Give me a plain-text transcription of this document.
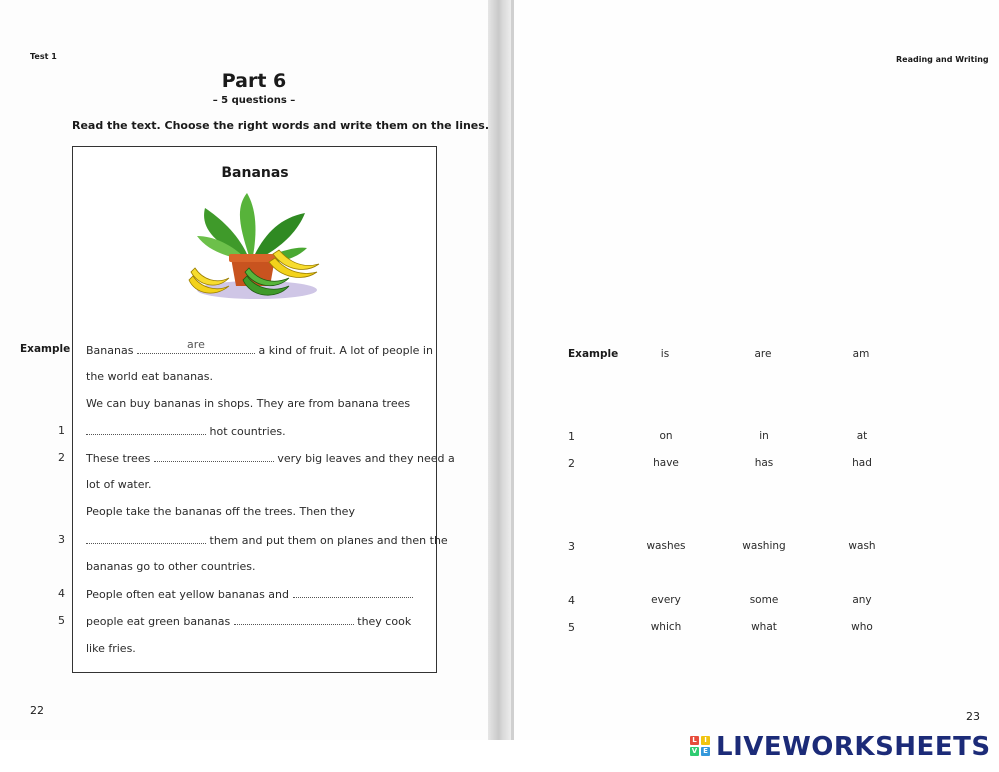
Test 1
Part 6
– 5 questions –
Read the text. Choose the right words and write them on the lines.
Bananas
Example Bananas	are	a kind of fruit. A lot of people in
the world eat bananas.
We can buy bananas in shops. They are from banana trees
1	hot countries.
2 These trees	very big leaves and they need a
lot of water.
People take the bananas off the trees. Then they
3	them and put them on planes and then the
bananas go to other countries.
4 People often eat yellow bananas and
5 people eat green bananas	they cook
like fries.
22
Reading and Writing
Example	is	are	am
1	on	in	at
2	have	has	had
3	washes	washing	wash
4	every	some	any
5	which	what	who
23
L	I
V E LIVEWORKSHEETS
